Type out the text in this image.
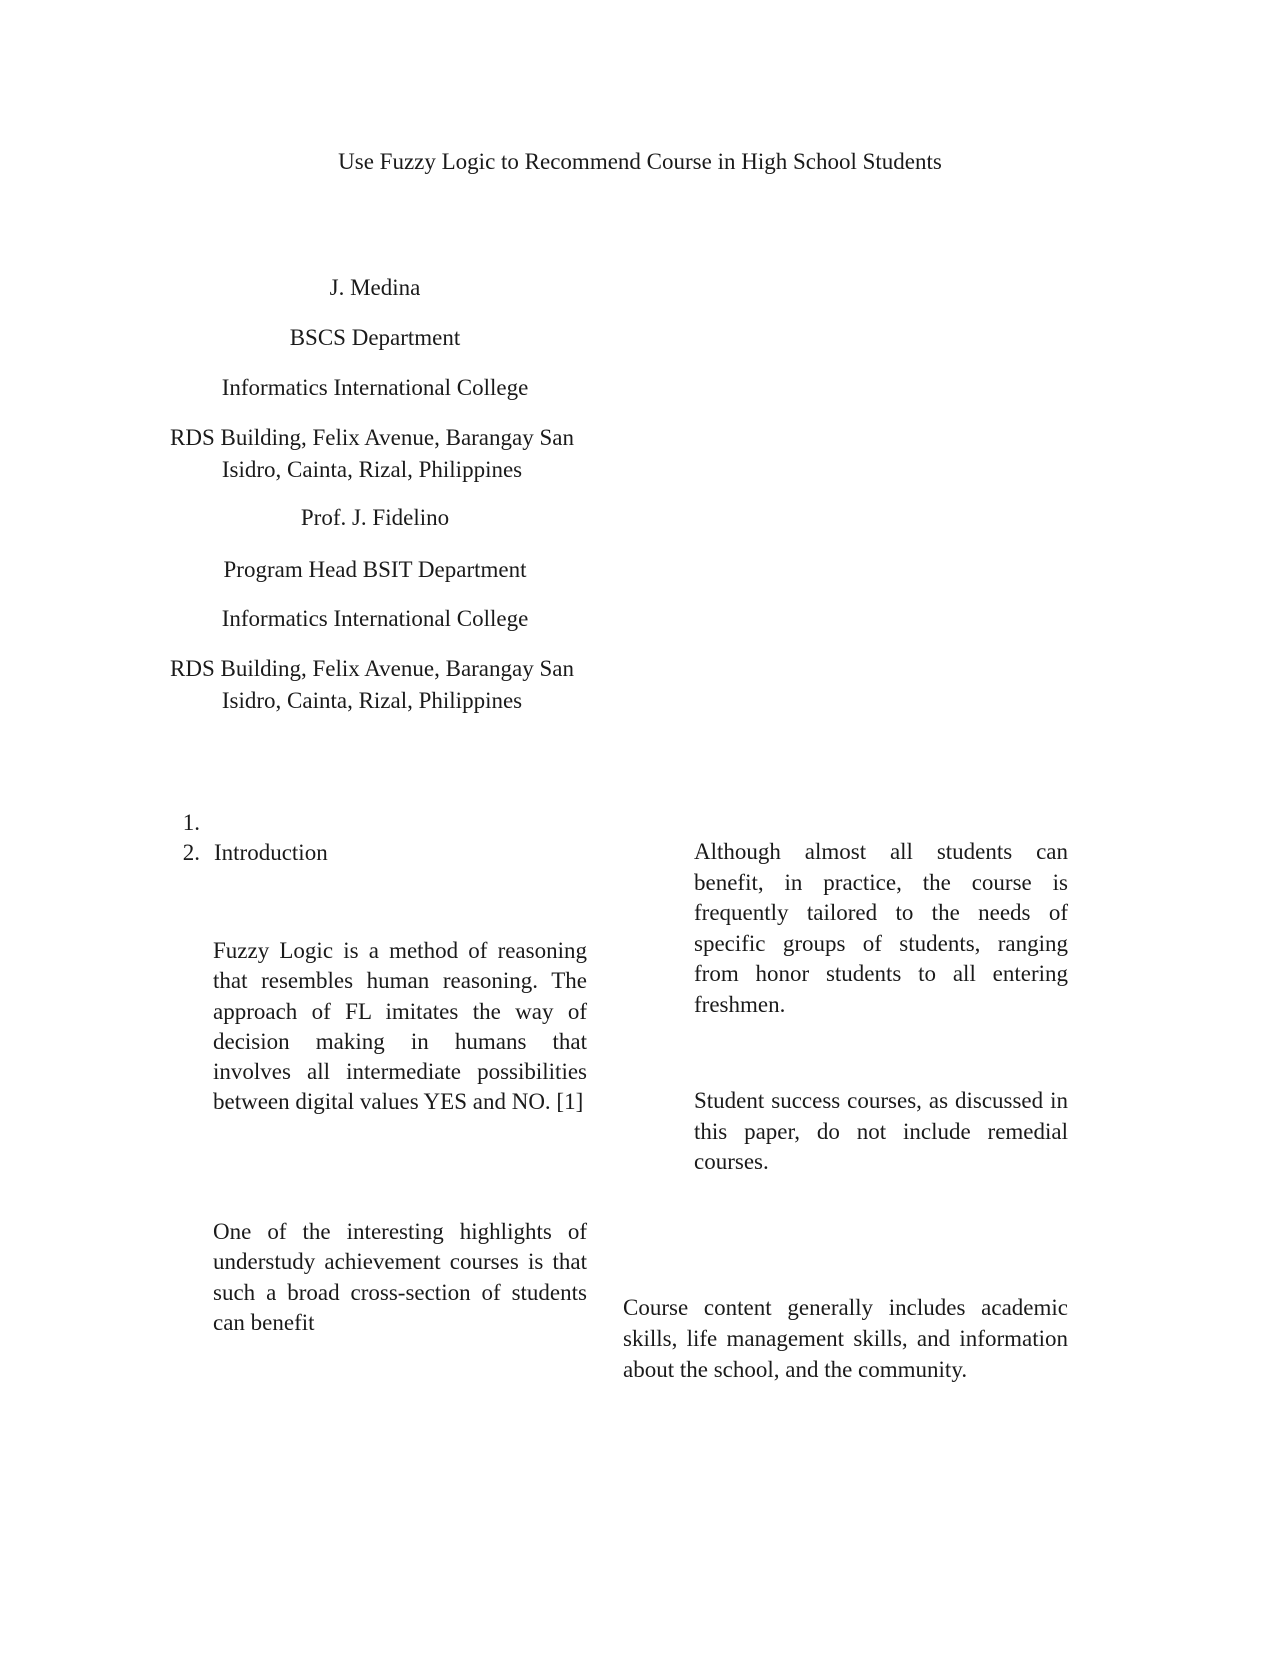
Use Fuzzy Logic to Recommend Course in High School Students
J. Medina
BSCS Department
Informatics International College
RDS Building, Felix Avenue, Barangay San Isidro, Cainta, Rizal, Philippines
Prof. J. Fidelino
Program Head BSIT Department
Informatics International College
RDS Building, Felix Avenue, Barangay San Isidro, Cainta, Rizal, Philippines
1.
2. Introduction
Fuzzy Logic is a method of reasoning that resembles human reasoning. The approach of FL imitates the way of decision making in humans that involves all intermediate possibilities between digital values YES and NO. [1]
One of the interesting highlights of understudy achievement courses is that such a broad cross-section of students can benefit
Although almost all students can benefit, in practice, the course is frequently tailored to the needs of specific groups of students, ranging from honor students to all entering freshmen.
Student success courses, as discussed in this paper, do not include remedial courses.
Course content generally includes academic skills, life management skills, and information about the school, and the community.
